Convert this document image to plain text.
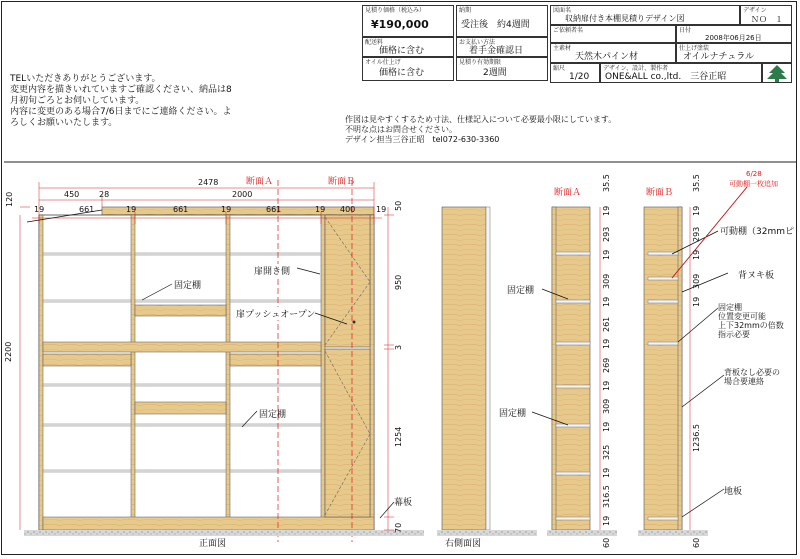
見積り価格（税込み）
¥190,000
配送料
価格に含む
オイル仕上げ
価格に含む
納期
受注後　約4週間
お支払い方法
着手金確認日
見積り有効期限
2週間
図面名
収納扉付き本棚見積りデザイン図
デザイン
ＮＯ　１
ご依頼者名	日付
2008年06月26日
主素材
天然木パイン材
仕上げ塗装
オイルナチュラル
縮尺
1/20
デザイン、設計、製作者
ONE&ALL co.,ltd.　三谷正昭
TELいただきありがとうございます。
変更内容を描きいれていますご確認ください、納品は8
月初旬ごろとお伺いしています。
内容に変更のある場合7/6日までにご連絡ください。よ
ろしくお願いいたします。	作図は見やすくするため寸法、仕様記入について必要最小限にしています。
不明な点はお問合せください。
デザイン担当三谷正昭　tel072-630-3360
2478
450 28	2000
120
19	661	19	661	19	661	19 400	19
断面Ａ	断面Ｂ
2200
50
950
3
1254
70
固定棚
固定棚
扉開き側
扉プッシュオープン
幕板
正面図	右側面図
断面Ａ
固定棚
固定棚
35.5
19
293
19
309
19
261
19
269
19
309
19
325
19
316.5
19
60
断面Ｂ
6/28
可動棚一枚追加
35.5
19
293
19
309
19
1236.5
60
可動棚（32mmピ
背ヌキ板
固定棚
位置変更可能
上下32mmの倍数
指示必要
背板なし必要の
場合要連絡
地板
